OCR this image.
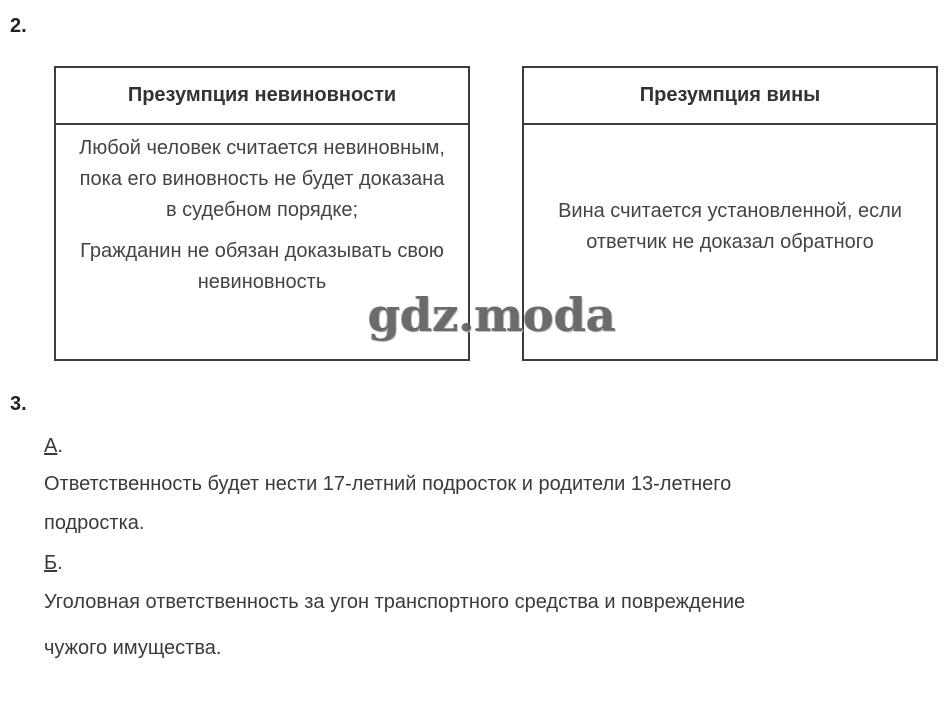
2.
Презумпция невиновности

Любой человек считается невиновным, пока его виновность не будет доказана в судебном порядке;

Гражданин не обязан доказывать свою невиновность

Презумпция вины

Вина считается установленной, если ответчик не доказал обратного

gdz.moda
3.
А.
Ответственность будет нести 17-летний подросток и родители 13-летнего
подростка.
Б.
Уголовная ответственность за угон транспортного средства и повреждение
чужого имущества.
